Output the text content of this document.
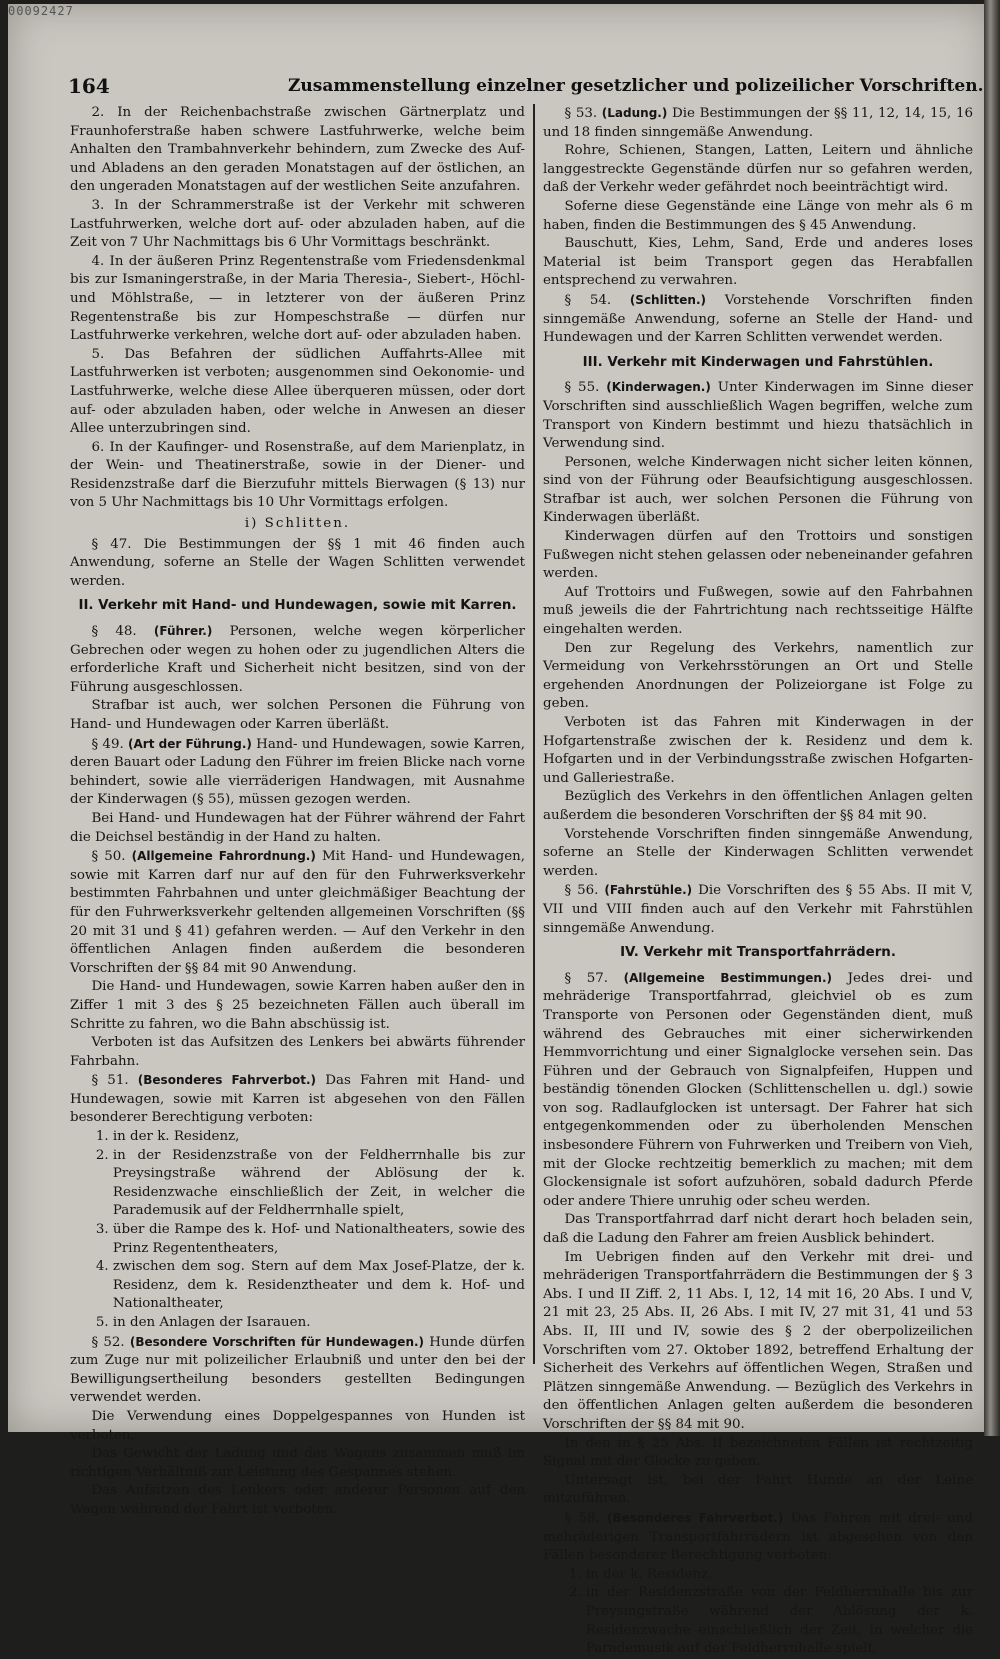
00092427
164	Zusammenstellung einzelner gesetzlicher und polizeilicher Vorschriften.

2. In der Reichenbachstraße zwischen Gärtnerplatz und Fraunhoferstraße haben schwere Lastfuhrwerke, welche beim Anhalten den Trambahnverkehr behindern, zum Zwecke des Auf- und Abladens an den geraden Monatstagen auf der östlichen, an den ungeraden Monatstagen auf der westlichen Seite anzufahren.

3. In der Schrammerstraße ist der Verkehr mit schweren Lastfuhrwerken, welche dort auf- oder abzuladen haben, auf die Zeit von 7 Uhr Nachmittags bis 6 Uhr Vormittags beschränkt.

4. In der äußeren Prinz Regentenstraße vom Friedensdenkmal bis zur Ismaningerstraße, in der Maria Theresia-, Siebert-, Höchl- und Möhlstraße, — in letzterer von der äußeren Prinz Regentenstraße bis zur Hompeschstraße — dürfen nur Lastfuhrwerke verkehren, welche dort auf- oder abzuladen haben.

5. Das Befahren der südlichen Auffahrts-Allee mit Lastfuhrwerken ist verboten; ausgenommen sind Oekonomie- und Lastfuhrwerke, welche diese Allee überqueren müssen, oder dort auf- oder abzuladen haben, oder welche in Anwesen an dieser Allee unterzubringen sind.

6. In der Kaufinger- und Rosenstraße, auf dem Marienplatz, in der Wein- und Theatinerstraße, sowie in der Diener- und Residenzstraße darf die Bierzufuhr mittels Bierwagen (§ 13) nur von 5 Uhr Nachmittags bis 10 Uhr Vormittags erfolgen.

i) Schlitten.

§ 47. Die Bestimmungen der §§ 1 mit 46 finden auch Anwendung, soferne an Stelle der Wagen Schlitten verwendet werden.

II. Verkehr mit Hand- und Hundewagen, sowie mit Karren.

§ 48. (Führer.) Personen, welche wegen körperlicher Gebrechen oder wegen zu hohen oder zu jugendlichen Alters die erforderliche Kraft und Sicherheit nicht besitzen, sind von der Führung ausgeschlossen.

Strafbar ist auch, wer solchen Personen die Führung von Hand- und Hundewagen oder Karren überläßt.

§ 49. (Art der Führung.) Hand- und Hundewagen, sowie Karren, deren Bauart oder Ladung den Führer im freien Blicke nach vorne behindert, sowie alle vierräderigen Handwagen, mit Ausnahme der Kinderwagen (§ 55), müssen gezogen werden.

Bei Hand- und Hundewagen hat der Führer während der Fahrt die Deichsel beständig in der Hand zu halten.

§ 50. (Allgemeine Fahrordnung.) Mit Hand- und Hundewagen, sowie mit Karren darf nur auf den für den Fuhrwerksverkehr bestimmten Fahrbahnen und unter gleichmäßiger Beachtung der für den Fuhrwerksverkehr geltenden allgemeinen Vorschriften (§§ 20 mit 31 und § 41) gefahren werden. — Auf den Verkehr in den öffentlichen Anlagen finden außerdem die besonderen Vorschriften der §§ 84 mit 90 Anwendung.

Die Hand- und Hundewagen, sowie Karren haben außer den in Ziffer 1 mit 3 des § 25 bezeichneten Fällen auch überall im Schritte zu fahren, wo die Bahn abschüssig ist.

Verboten ist das Aufsitzen des Lenkers bei abwärts führender Fahrbahn.

§ 51. (Besonderes Fahrverbot.) Das Fahren mit Hand- und Hundewagen, sowie mit Karren ist abgesehen von den Fällen besonderer Berechtigung verboten:

1. in der k. Residenz,
2. in der Residenzstraße von der Feldherrnhalle bis zur Preysingstraße während der Ablösung der k. Residenzwache einschließlich der Zeit, in welcher die Parademusik auf der Feldherrnhalle spielt,
3. über die Rampe des k. Hof- und Nationaltheaters, sowie des Prinz Regententheaters,
4. zwischen dem sog. Stern auf dem Max Josef-Platze, der k. Residenz, dem k. Residenztheater und dem k. Hof- und Nationaltheater,
5. in den Anlagen der Isarauen.

§ 52. (Besondere Vorschriften für Hundewagen.) Hunde dürfen zum Zuge nur mit polizeilicher Erlaubniß und unter den bei der Bewilligungsertheilung besonders gestellten Bedingungen verwendet werden.

Die Verwendung eines Doppelgespannes von Hunden ist verboten.

Das Gewicht der Ladung und des Wagens zusammen muß im richtigen Verhältniß zur Leistung des Gespannes stehen.

Das Aufsitzen des Lenkers oder anderer Personen auf den Wagen während der Fahrt ist verboten.

§ 53. (Ladung.) Die Bestimmungen der §§ 11, 12, 14, 15, 16 und 18 finden sinngemäße Anwendung.

Rohre, Schienen, Stangen, Latten, Leitern und ähnliche langgestreckte Gegenstände dürfen nur so gefahren werden, daß der Verkehr weder gefährdet noch beeinträchtigt wird.

Soferne diese Gegenstände eine Länge von mehr als 6 m haben, finden die Bestimmungen des § 45 Anwendung.

Bauschutt, Kies, Lehm, Sand, Erde und anderes loses Material ist beim Transport gegen das Herabfallen entsprechend zu verwahren.

§ 54. (Schlitten.) Vorstehende Vorschriften finden sinngemäße Anwendung, soferne an Stelle der Hand- und Hundewagen und der Karren Schlitten verwendet werden.

III. Verkehr mit Kinderwagen und Fahrstühlen.

§ 55. (Kinderwagen.) Unter Kinderwagen im Sinne dieser Vorschriften sind ausschließlich Wagen begriffen, welche zum Transport von Kindern bestimmt und hiezu thatsächlich in Verwendung sind.

Personen, welche Kinderwagen nicht sicher leiten können, sind von der Führung oder Beaufsichtigung ausgeschlossen. Strafbar ist auch, wer solchen Personen die Führung von Kinderwagen überläßt.

Kinderwagen dürfen auf den Trottoirs und sonstigen Fußwegen nicht stehen gelassen oder nebeneinander gefahren werden.

Auf Trottoirs und Fußwegen, sowie auf den Fahrbahnen muß jeweils die der Fahrtrichtung nach rechtsseitige Hälfte eingehalten werden.

Den zur Regelung des Verkehrs, namentlich zur Vermeidung von Verkehrsstörungen an Ort und Stelle ergehenden Anordnungen der Polizeiorgane ist Folge zu geben.

Verboten ist das Fahren mit Kinderwagen in der Hofgartenstraße zwischen der k. Residenz und dem k. Hofgarten und in der Verbindungsstraße zwischen Hofgarten- und Galleriestraße.

Bezüglich des Verkehrs in den öffentlichen Anlagen gelten außerdem die besonderen Vorschriften der §§ 84 mit 90.

Vorstehende Vorschriften finden sinngemäße Anwendung, soferne an Stelle der Kinderwagen Schlitten verwendet werden.

§ 56. (Fahrstühle.) Die Vorschriften des § 55 Abs. II mit V, VII und VIII finden auch auf den Verkehr mit Fahrstühlen sinngemäße Anwendung.

IV. Verkehr mit Transportfahrrädern.

§ 57. (Allgemeine Bestimmungen.) Jedes drei- und mehräderige Transportfahrrad, gleichviel ob es zum Transporte von Personen oder Gegenständen dient, muß während des Gebrauches mit einer sicherwirkenden Hemmvorrichtung und einer Signalglocke versehen sein. Das Führen und der Gebrauch von Signalpfeifen, Huppen und beständig tönenden Glocken (Schlittenschellen u. dgl.) sowie von sog. Radlaufglocken ist untersagt. Der Fahrer hat sich entgegenkommenden oder zu überholenden Menschen insbesondere Führern von Fuhrwerken und Treibern von Vieh, mit der Glocke rechtzeitig bemerklich zu machen; mit dem Glockensignale ist sofort aufzuhören, sobald dadurch Pferde oder andere Thiere unruhig oder scheu werden.

Das Transportfahrrad darf nicht derart hoch beladen sein, daß die Ladung den Fahrer am freien Ausblick behindert.

Im Uebrigen finden auf den Verkehr mit drei- und mehräderigen Transportfahrrädern die Bestimmungen der § 3 Abs. I und II Ziff. 2, 11 Abs. I, 12, 14 mit 16, 20 Abs. I und V, 21 mit 23, 25 Abs. II, 26 Abs. I mit IV, 27 mit 31, 41 und 53 Abs. II, III und IV, sowie des § 2 der oberpolizeilichen Vorschriften vom 27. Oktober 1892, betreffend Erhaltung der Sicherheit des Verkehrs auf öffentlichen Wegen, Straßen und Plätzen sinngemäße Anwendung. — Bezüglich des Verkehrs in den öffentlichen Anlagen gelten außerdem die besonderen Vorschriften der §§ 84 mit 90.

In den in § 25 Abs. II bezeichneten Fällen ist rechtzeitig Signal mit der Glocke zu geben.

Untersagt ist, bei der Fahrt Hunde an der Leine mitzuführen.

§ 58. (Besonderes Fahrverbot.) Das Fahren mit drei- und mehräderigen Transportfahrrädern ist abgesehen von den Fällen besonderer Berechtigung verboten:

1. in der k. Residenz,
2. in der Residenzstraße von der Feldherrnhalle bis zur Preysingstraße während der Ablösung der k. Residenzwache einschließlich der Zeit, in welcher die Parademusik auf der Feldherrnhalle spielt,
